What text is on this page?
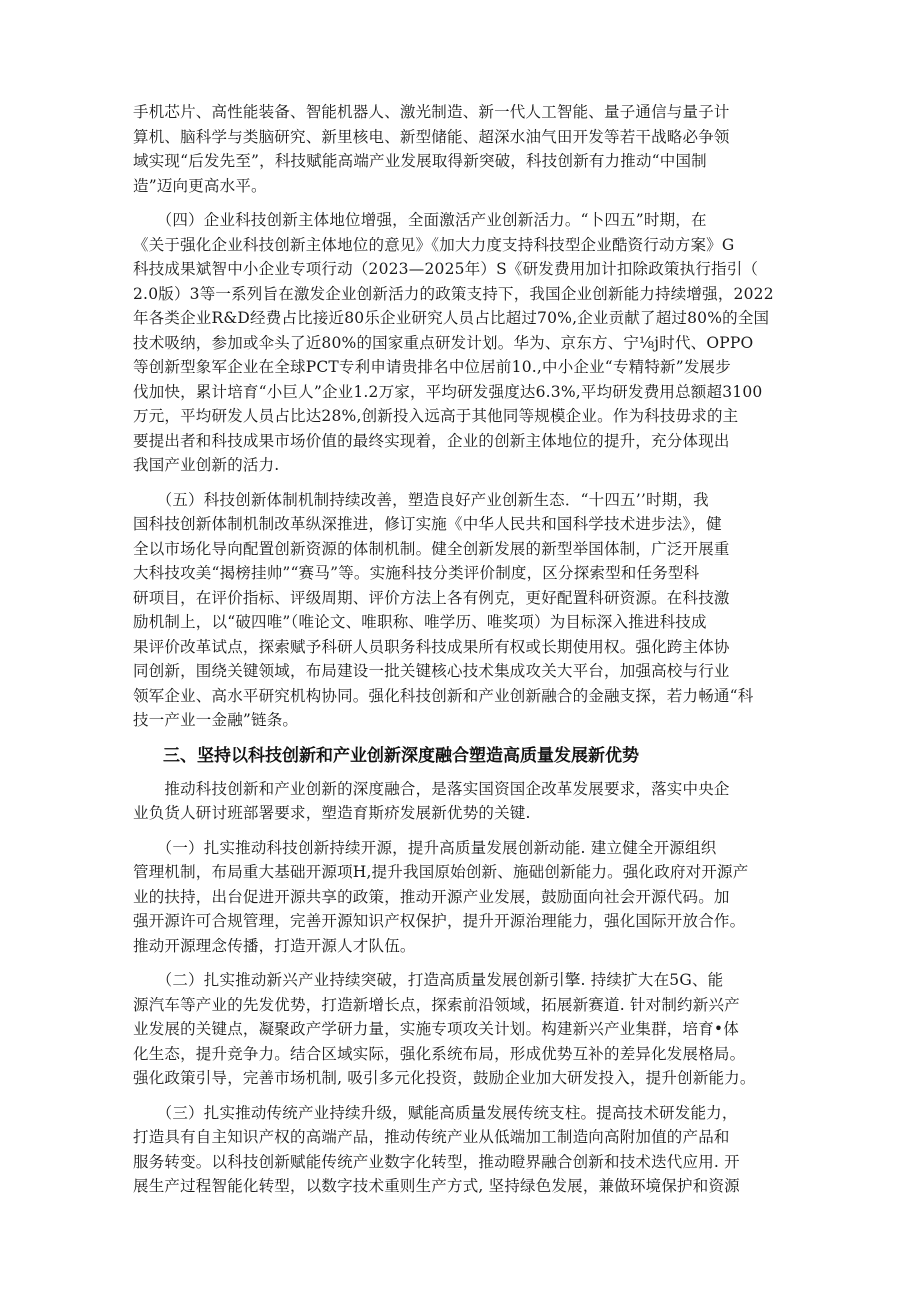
手机芯片、高性能装备、智能机器人、激光制造、新一代人工智能、量子通信与量子计
算机、脑科学与类脑研究、新里核电、新型储能、超深水油气田开发等若干战略必争领
域实现“后发先至”，科技赋能高端产业发展取得新突破，科技创新有力推动“中国制
造”迈向更高水平。

　　（四）企业科技创新主体地位增强，全面激活产业创新活力。“卜四五”时期，在
《关于强化企业科技创新主体地位的意见》《加大力度支持科技型企业酷资行动方案》G
科技成果斌智中小企业专项行动（2023—2025年）S《研发费用加计扣除政策执行指引（
2.0版）3等一系列旨在激发企业创新活力的政策支持下，我国企业创新能力持续增强，2022
年各类企业R&D经费占比接近80乐企业研究人员占比超过70%,企业贡献了超过80%的全国
技术吸纳，参加或伞头了近80%的国家重点研发计划。华为、京东方、宁⅛j时代、OPPO
等创新型象军企业在全球PCT专利申请贵排名中位居前10.,中小企业“专精特新”发展步
伐加快，累计培育“小巨人”企业1.2万家，平均研发强度达6.3%,平均研发费用总额超3100
万元，平均研发人员占比达28%,创新投入远高于其他同等规模企业。作为科技毋求的主
要提出者和科技成果市场价值的最终实现着，企业的创新主体地位的提升，充分体现出
我国产业创新的活力.

　　（五）科技创新体制机制持续改善，塑造良好产业创新生态．“十四五’’时期，我
国科技创新体制机制改革纵深推进，修订实施《中华人民共和国科学技术进步法》，健
全以市场化导向配置创新资源的体制机制。健全创新发展的新型举国体制，广泛开展重
大科技攻美“揭榜挂帅”“赛马”等。实施科技分类评价制度，区分探索型和任务型科
研项目，在评价指标、评级周期、评价方法上各有例克，更好配置科研资源。在科技激
励机制上，以“破四唯”（唯论文、唯职称、唯学历、唯奖项）为目标深入推进科技成
果评价改革试点，探索赋予科研人员职务科技成果所有权或长期使用权。强化跨主体协
同创新，围绕关键领域，布局建设一批关键核心技术集成攻关大平台，加强高校与行业
领军企业、高水平研究机构协同。强化科技创新和产业创新融合的金融支探，若力畅通“科
技一产业一金融”链条。

三、坚持以科技创新和产业创新深度融合塑造高质量发展新优势

　　推动科技创新和产业创新的深度融合，是落实国资国企改革发展要求，落实中央企
业负货人研讨班部署要求，塑造育斯疥发展新优势的关键.

　　（一）扎实推动科技创新持续开源，提升高质量发展创新动能. 建立健全开源组织
管理机制，布局重大基础开源项H,提升我国原始创新、施础创新能力。强化政府对开源产
业的扶持，出台促进开源共享的政策，推动开源产业发展，鼓励面向社会开源代码。加
强开源许可合规管理，完善开源知识产权保护，提升开源治理能力，强化国际开放合作。
推动开源理念传播，打造开源人才队伍。

　　（二）扎实推动新兴产业持续突破，打造高质量发展创新引擎. 持续扩大在5G、能
源汽车等产业的先发优势，打造新增长点，探索前沿领域，拓展新赛道. 针对制约新兴产
业发展的关键点，凝聚政产学研力量，实施专项攻关计划。构建新兴产业集群，培育•体
化生态，提升竞争力。结合区域实际，强化系统布局，形成优势互补的差异化发展格局。
强化政策引导，完善市场机制, 吸引多元化投资，鼓励企业加大研发投入，提升创新能力。

　　（三）扎实推动传统产业持续升级，赋能高质量发展传统支柱。提高技术研发能力，
打造具有自主知识产权的高端产品，推动传统产业从低端加工制造向高附加值的产品和
服务转变。以科技创新赋能传统产业数字化转型，推动瞪界融合创新和技术迭代应用. 开
展生产过程智能化转型，以数字技术重则生产方式, 坚持绿色发展，兼做环境保护和资源
